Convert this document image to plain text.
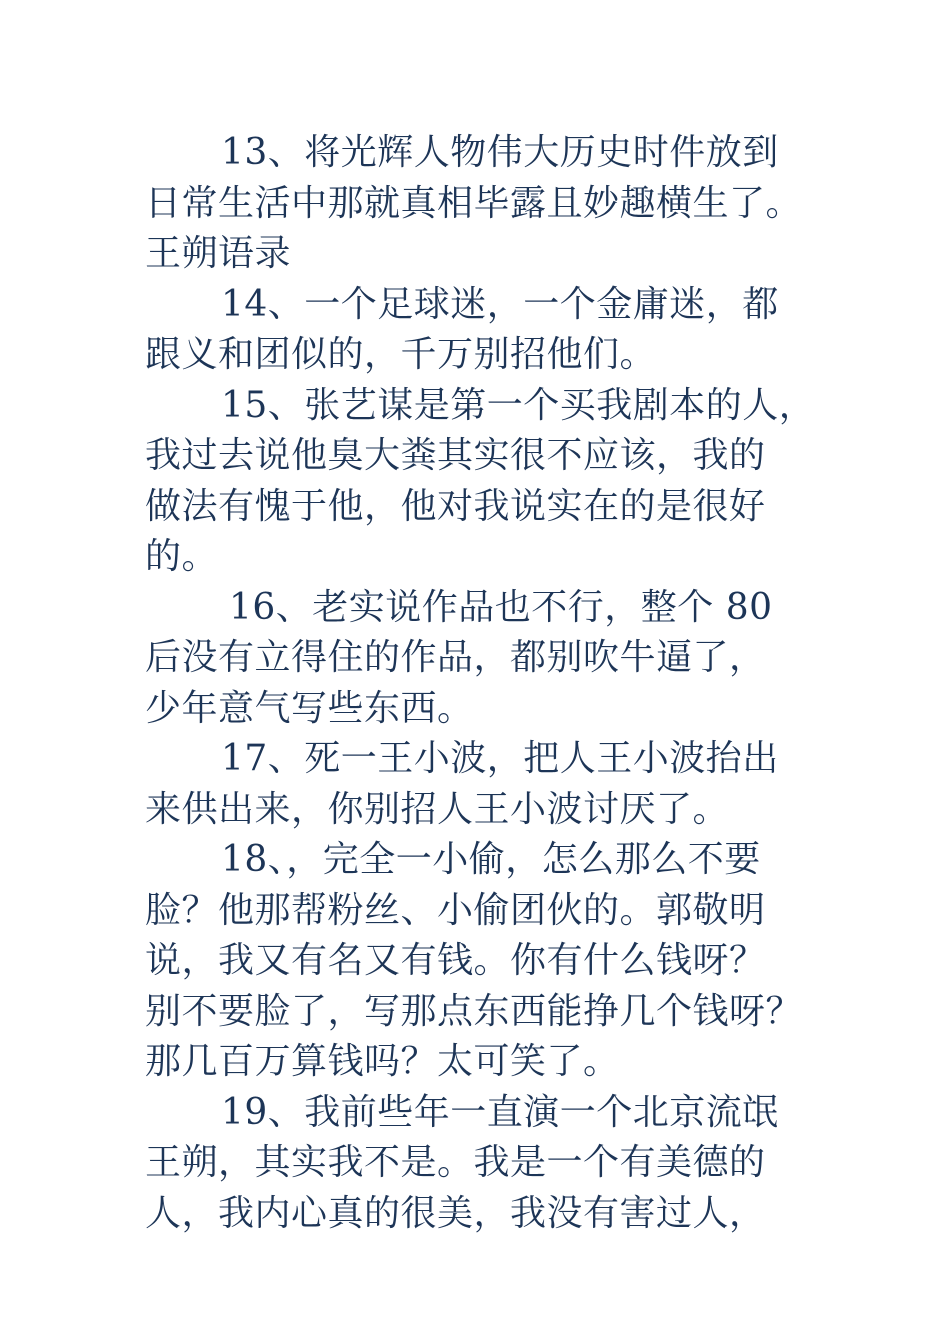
13、将光辉人物伟大历史时件放到
日常生活中那就真相毕露且妙趣横生了。
王朔语录
14、一个足球迷，一个金庸迷，都
跟义和团似的，千万别招他们。
15、张艺谋是第一个买我剧本的人，
我过去说他臭大粪其实很不应该，我的
做法有愧于他，他对我说实在的是很好
的。
16、老实说作品也不行，整个 80
后没有立得住的作品，都别吹牛逼了，
少年意气写些东西。
17、死一王小波，把人王小波抬出
来供出来，你别招人王小波讨厌了。
18、，完全一小偷，怎么那么不要
脸？他那帮粉丝、小偷团伙的。郭敬明
说，我又有名又有钱。你有什么钱呀？
别不要脸了，写那点东西能挣几个钱呀？
那几百万算钱吗？太可笑了。
19、我前些年一直演一个北京流氓
王朔，其实我不是。我是一个有美德的
人，我内心真的很美，我没有害过人，
